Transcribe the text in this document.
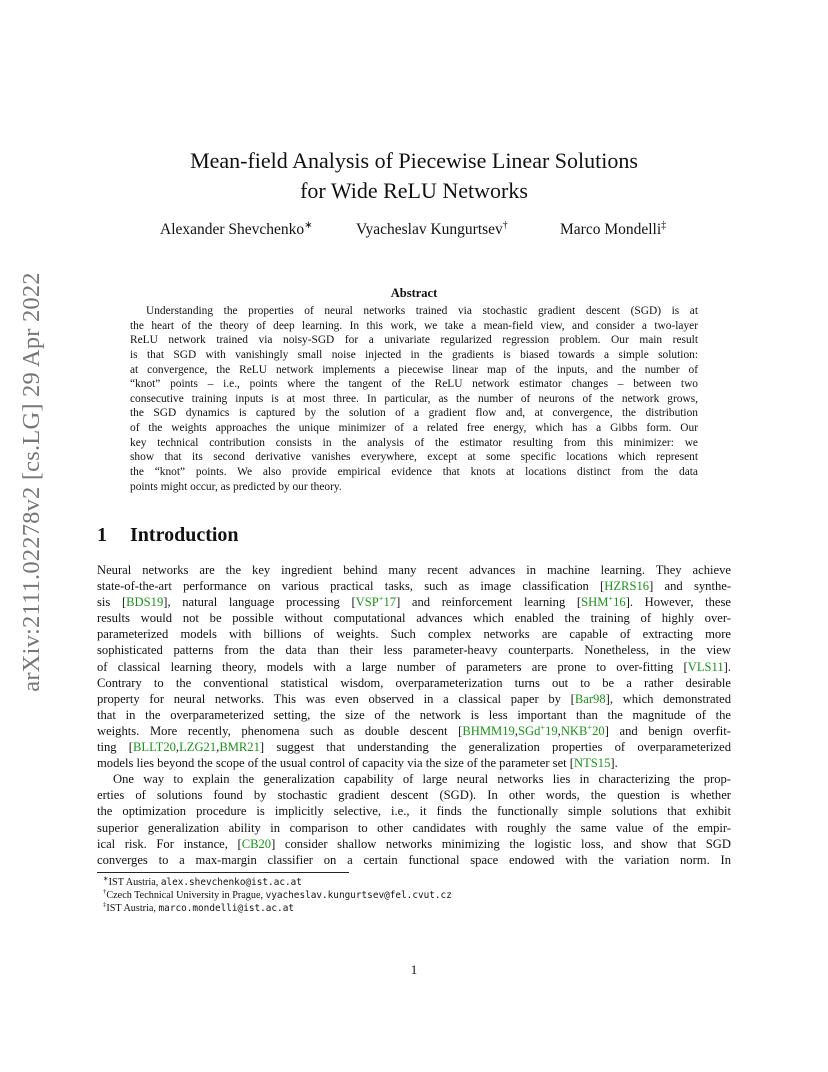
arXiv:2111.02278v2 [cs.LG] 29 Apr 2022
Mean-field Analysis of Piecewise Linear Solutions
for Wide ReLU Networks
Alexander Shevchenko∗	Vyacheslav Kungurtsev†	Marco Mondelli‡
Abstract
Understanding the properties of neural networks trained via stochastic gradient descent (SGD) is at
the heart of the theory of deep learning. In this work, we take a mean-field view, and consider a two-layer
ReLU network trained via noisy-SGD for a univariate regularized regression problem. Our main result
is that SGD with vanishingly small noise injected in the gradients is biased towards a simple solution:
at convergence, the ReLU network implements a piecewise linear map of the inputs, and the number of
“knot” points – i.e., points where the tangent of the ReLU network estimator changes – between two
consecutive training inputs is at most three. In particular, as the number of neurons of the network grows,
the SGD dynamics is captured by the solution of a gradient flow and, at convergence, the distribution
of the weights approaches the unique minimizer of a related free energy, which has a Gibbs form. Our
key technical contribution consists in the analysis of the estimator resulting from this minimizer: we
show that its second derivative vanishes everywhere, except at some specific locations which represent
the “knot” points. We also provide empirical evidence that knots at locations distinct from the data
points might occur, as predicted by our theory.
1 Introduction
Neural networks are the key ingredient behind many recent advances in machine learning. They achieve
state-of-the-art performance on various practical tasks, such as image classification [HZRS16] and synthe-
sis [BDS19], natural language processing [VSP+17] and reinforcement learning [SHM+16]. However, these
results would not be possible without computational advances which enabled the training of highly over-
parameterized models with billions of weights. Such complex networks are capable of extracting more
sophisticated patterns from the data than their less parameter-heavy counterparts. Nonetheless, in the view
of classical learning theory, models with a large number of parameters are prone to over-fitting [VLS11].
Contrary to the conventional statistical wisdom, overparameterization turns out to be a rather desirable
property for neural networks. This was even observed in a classical paper by [Bar98], which demonstrated
that in the overparameterized setting, the size of the network is less important than the magnitude of the
weights. More recently, phenomena such as double descent [BHMM19,SGd+19,NKB+20] and benign overfit-
ting [BLLT20,LZG21,BMR21] suggest that understanding the generalization properties of overparameterized
models lies beyond the scope of the usual control of capacity via the size of the parameter set [NTS15].
One way to explain the generalization capability of large neural networks lies in characterizing the prop-
erties of solutions found by stochastic gradient descent (SGD). In other words, the question is whether
the optimization procedure is implicitly selective, i.e., it finds the functionally simple solutions that exhibit
superior generalization ability in comparison to other candidates with roughly the same value of the empir-
ical risk. For instance, [CB20] consider shallow networks minimizing the logistic loss, and show that SGD
converges to a max-margin classifier on a certain functional space endowed with the variation norm. In
∗IST Austria, alex.shevchenko@ist.ac.at
†Czech Technical University in Prague, vyacheslav.kungurtsev@fel.cvut.cz
‡IST Austria, marco.mondelli@ist.ac.at
1
